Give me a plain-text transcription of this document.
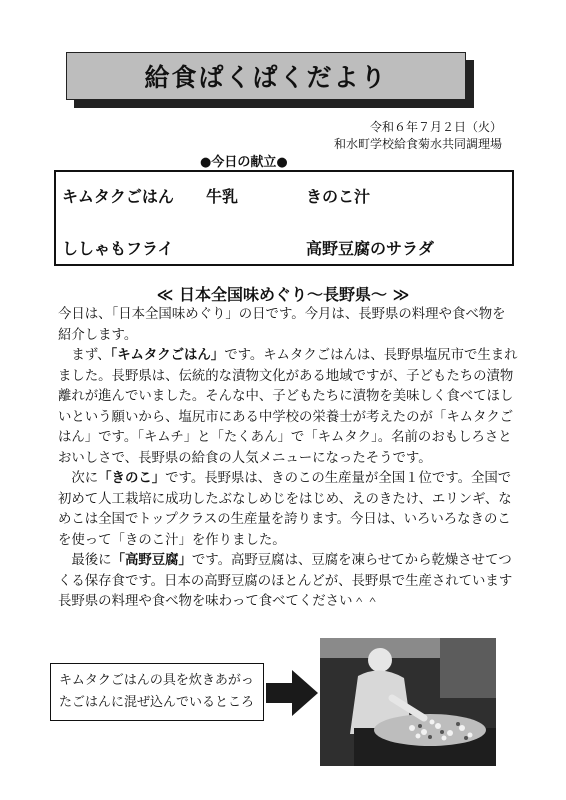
給食ぱくぱくだより
令和６年７月２日（火）
和水町学校給食菊水共同調理場
●今日の献立●
キムタクごはん 牛乳	きのこ汁
ししゃもフライ	高野豆腐のサラダ
≪ 日本全国味めぐり～長野県～ ≫

今日は、「日本全国味めぐり」の日です。今月は、長野県の料理や食べ物を紹介します。

まず、「キムタクごはん」です。キムタクごはんは、長野県塩尻市で生まれました。長野県は、伝統的な漬物文化がある地域ですが、子どもたちの漬物離れが進んでいました。そんな中、子どもたちに漬物を美味しく食べてほしいという願いから、塩尻市にある中学校の栄養士が考えたのが「キムタクごはん」です。「キムチ」と「たくあん」で「キムタク」。名前のおもしろさとおいしさで、長野県の給食の人気メニューになったそうです。

次に「きのこ」です。長野県は、きのこの生産量が全国１位です。全国で初めて人工栽培に成功したぶなしめじをはじめ、えのきたけ、エリンギ、なめこは全国でトップクラスの生産量を誇ります。今日は、いろいろなきのこを使って「きのこ汁」を作りました。

最後に「高野豆腐」です。高野豆腐は、豆腐を凍らせてから乾燥させてつくる保存食です。日本の高野豆腐のほとんどが、長野県で生産されています

長野県の料理や食べ物を味わって食べてください＾＾

キムタクごはんの具を炊きあがっ
たごはんに混ぜ込んでいるところ
